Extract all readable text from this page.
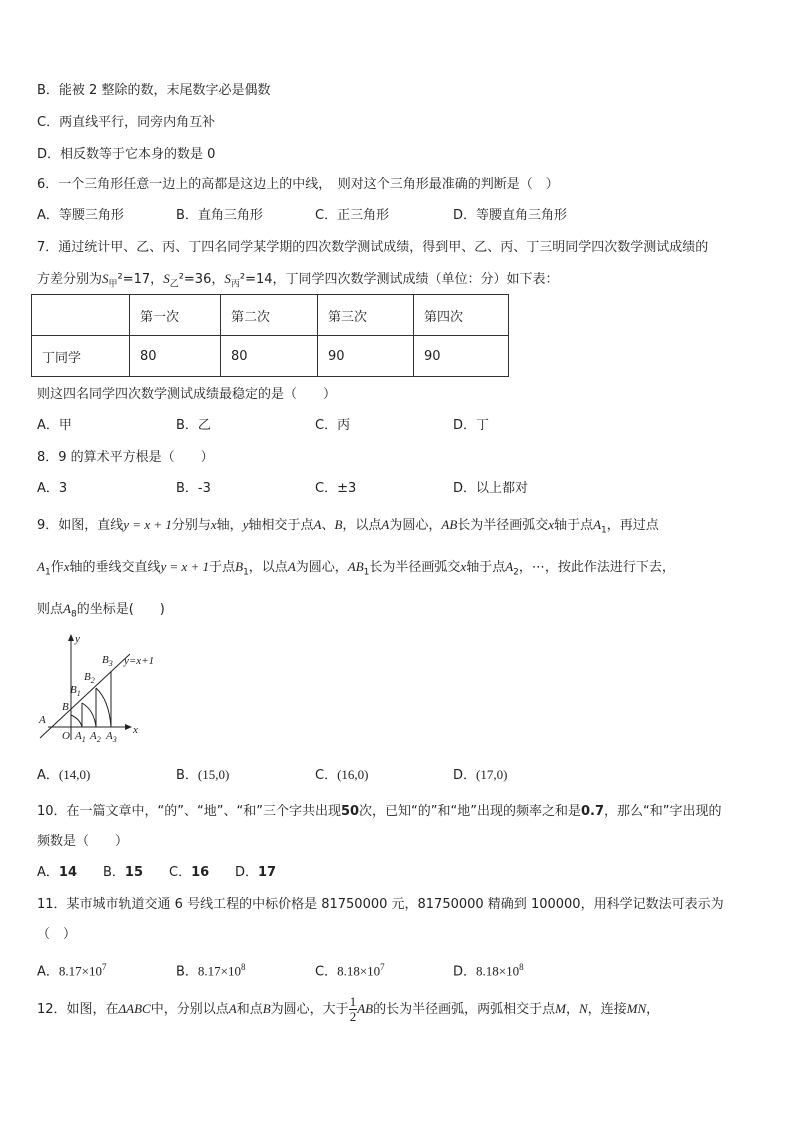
B．能被 2 整除的数，末尾数字必是偶数
C．两直线平行，同旁内角互补
D．相反数等于它本身的数是 0
6．一个三角形任意一边上的高都是这边上的中线，　则对这个三角形最准确的判断是（　）
A．等腰三角形	B．直角三角形	C．正三角形	D．等腰直角三角形
7．通过统计甲、乙、丙、丁四名同学某学期的四次数学测试成绩，得到甲、乙、丙、丁三明同学四次数学测试成绩的
方差分别为$S_甲^2=17$，$S_乙^2=36$，$S_丙^2=14$，丁同学四次数学测试成绩（单位：分）如下表：
	第一次	第二次	第三次	第四次
丁同学	80	80	90	90
则这四名同学四次数学测试成绩最稳定的是（　　）
A．甲	B．乙	C．丙	D．丁
8．9 的算术平方根是（　　）
A．3	B．-3	C．±3	D．以上都对
9．如图，直线y = x + 1分别与x轴，y轴相交于点A、B，以点A为圆心，AB长为半径画弧交x轴于点$A_1$，再过点
$A_1$作x轴的垂线交直线y = x + 1于点$B_1$，以点A为圆心，$AB_1$长为半径画弧交x轴于点$A_2$，⋯，按此作法进行下去，
则点$A_8$的坐标是(　　)
y
x
y=x+1
O
A
B
$B_1$
$B_2$
$B_3$
$A_1$ $A_2$ $A_3$
A．(14,0)	B．(15,0)	C．(16,0)	D．(17,0)
10．在一篇文章中，“的”、“地”、“和”三个字共出现50次，已知“的”和“地”出现的频率之和是0.7，那么“和”字出现的
频数是（　　）
A．14 B．15 C．16 D．17
11．某市城市轨道交通 6 号线工程的中标价格是 81750000 元，81750000 精确到 100000，用科学记数法可表示为
（　）
A．$8.17\times 10^7$	B．$8.17\times 10^8$	C．$8.18\times 10^7$	D．$8.18\times 10^8$
12．如图，在ΔABC中，分别以点A和点B为圆心，大于 $\frac{1}{2}$ AB的长为半径画弧，两弧相交于点M，N，连接MN，
